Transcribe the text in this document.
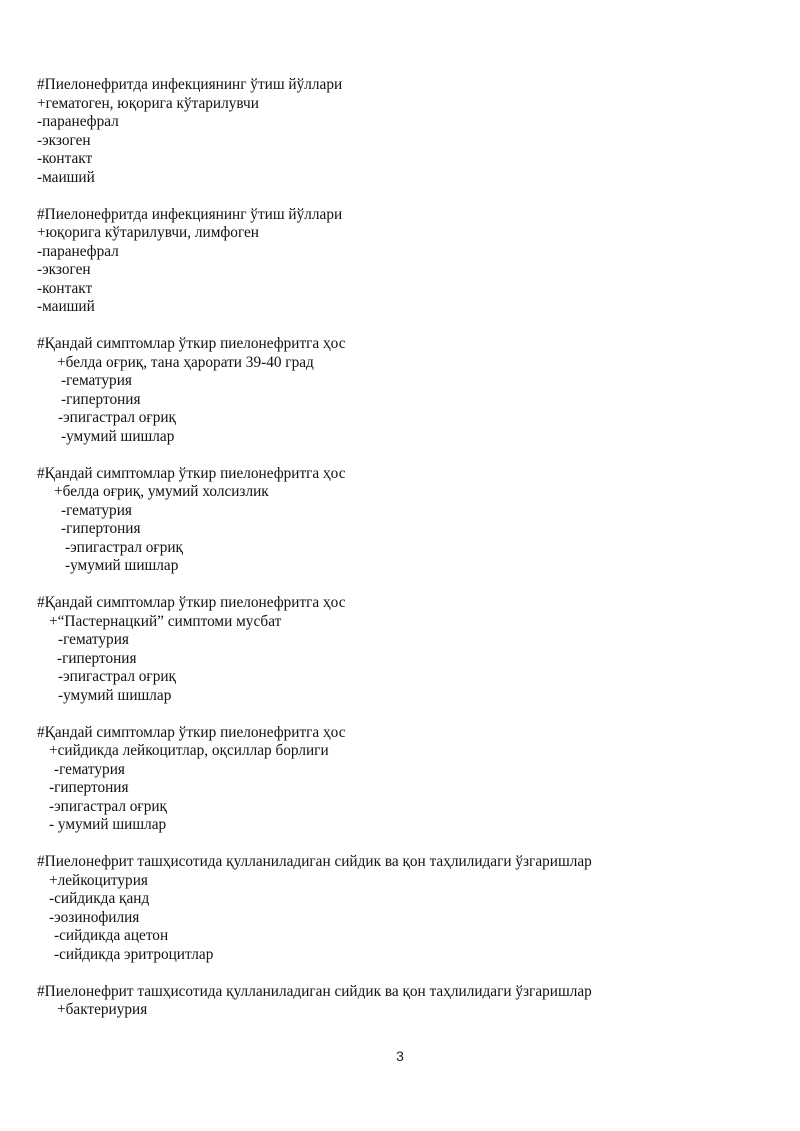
#Пиелонефритда инфекциянинг ўтиш йўллари
+гематоген, юқорига кўтарилувчи
-паранефрал
-экзоген
-контакт
-маиший
#Пиелонефритда инфекциянинг ўтиш йўллари
+юқорига кўтарилувчи, лимфоген
-паранефрал
-экзоген
-контакт
-маиший
#Қандай симптомлар ўткир пиелонефритга ҳос
+белда оғриқ, тана ҳарорати 39-40 град
-гематурия
-гипертония
-эпигастрал оғриқ
-умумий шишлар
#Қандай симптомлар ўткир пиелонефритга ҳос
+белда оғриқ, умумий холсизлик
-гематурия
-гипертония
-эпигастрал оғриқ
-умумий шишлар
#Қандай симптомлар ўткир пиелонефритга ҳос
+“Пастернацкий” симптоми мусбат
-гематурия
-гипертония
-эпигастрал оғриқ
-умумий шишлар
#Қандай симптомлар ўткир пиелонефритга ҳос
+сийдикда лейкоцитлар, оқсиллар борлиги
-гематурия
-гипертония
-эпигастрал оғриқ
- умумий шишлар
#Пиелонефрит ташҳисотида қулланиладиган сийдик ва қон таҳлилидаги ўзгаришлар
+лейкоцитурия
-сийдикда қанд
-эозинофилия
-сийдикда ацетон
-сийдикда эритроцитлар
#Пиелонефрит ташҳисотида қулланиладиган сийдик ва қон таҳлилидаги ўзгаришлар
+бактериурия
3
